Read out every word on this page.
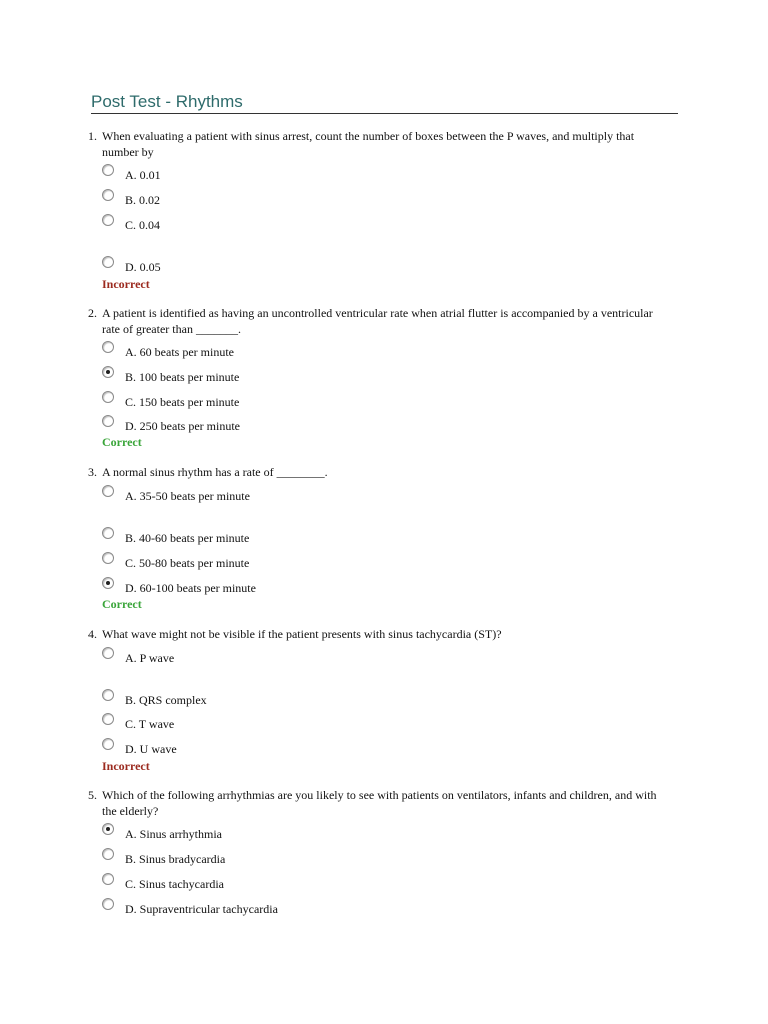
Post Test - Rhythms
1. When evaluating a patient with sinus arrest, count the number of boxes between the P waves, and multiply that number by
A. 0.01
B. 0.02
C. 0.04
D. 0.05
Incorrect
2. A patient is identified as having an uncontrolled ventricular rate when atrial flutter is accompanied by a ventricular rate of greater than _______.
A. 60 beats per minute
B. 100 beats per minute
C. 150 beats per minute
D. 250 beats per minute
Correct
3. A normal sinus rhythm has a rate of ________.
A. 35-50 beats per minute
B. 40-60 beats per minute
C. 50-80 beats per minute
D. 60-100 beats per minute
Correct
4. What wave might not be visible if the patient presents with sinus tachycardia (ST)?
A. P wave
B. QRS complex
C. T wave
D. U wave
Incorrect
5. Which of the following arrhythmias are you likely to see with patients on ventilators, infants and children, and with the elderly?
A. Sinus arrhythmia
B. Sinus bradycardia
C. Sinus tachycardia
D. Supraventricular tachycardia
